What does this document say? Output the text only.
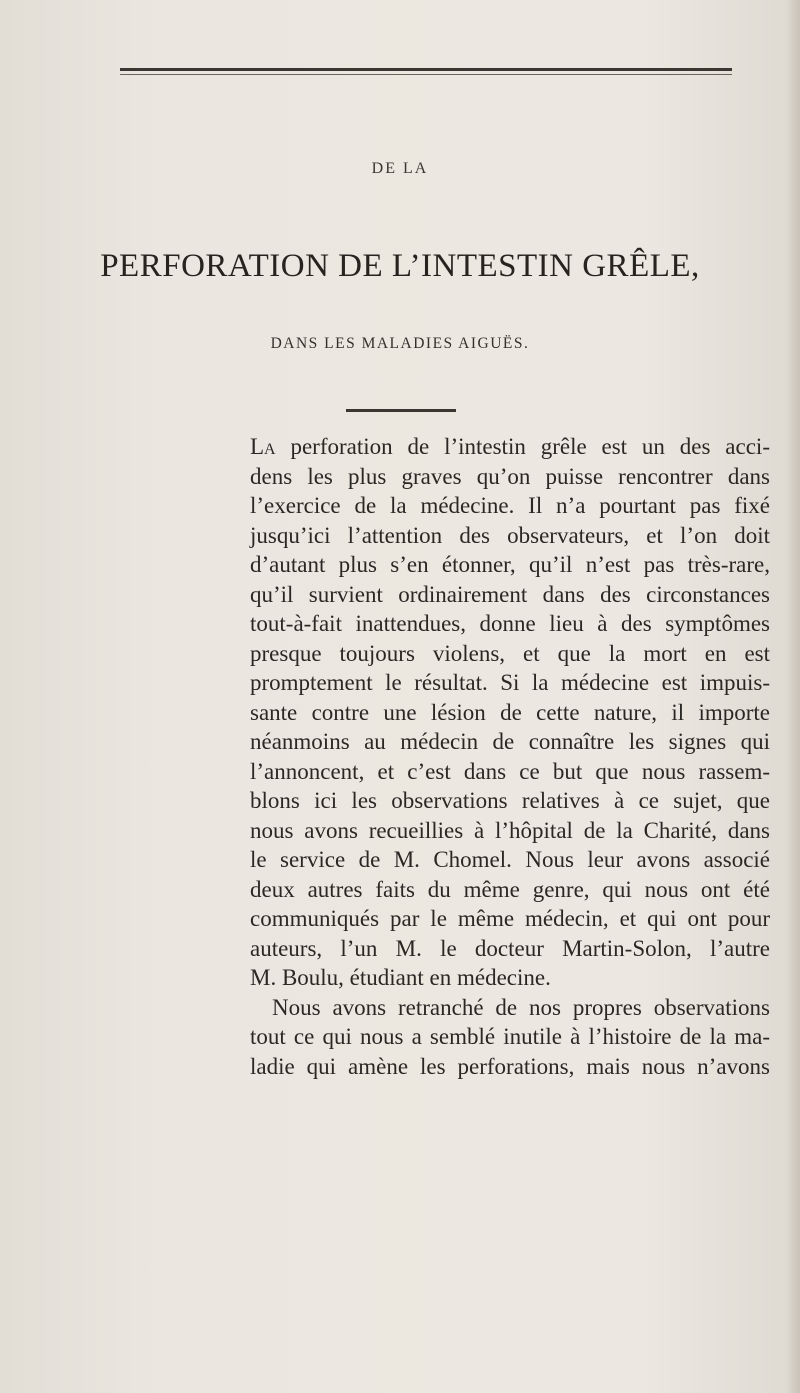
DE LA
PERFORATION DE L’INTESTIN GRÊLE,
DANS LES MALADIES AIGUËS.
La perforation de l’intestin grêle est un des acci-
dens les plus graves qu’on puisse rencontrer dans
l’exercice de la médecine. Il n’a pourtant pas fixé
jusqu’ici l’attention des observateurs, et l’on doit
d’autant plus s’en étonner, qu’il n’est pas très-rare,
qu’il survient ordinairement dans des circonstances
tout-à-fait inattendues, donne lieu à des symptômes
presque toujours violens, et que la mort en est
promptement le résultat. Si la médecine est impuis-
sante contre une lésion de cette nature, il importe
néanmoins au médecin de connaître les signes qui
l’annoncent, et c’est dans ce but que nous rassem-
blons ici les observations relatives à ce sujet, que
nous avons recueillies à l’hôpital de la Charité, dans
le service de M. Chomel. Nous leur avons associé
deux autres faits du même genre, qui nous ont été
communiqués par le même médecin, et qui ont pour
auteurs, l’un M. le docteur Martin-Solon, l’autre
M. Boulu, étudiant en médecine.
Nous avons retranché de nos propres observations
tout ce qui nous a semblé inutile à l’histoire de la ma-
ladie qui amène les perforations, mais nous n’avons
